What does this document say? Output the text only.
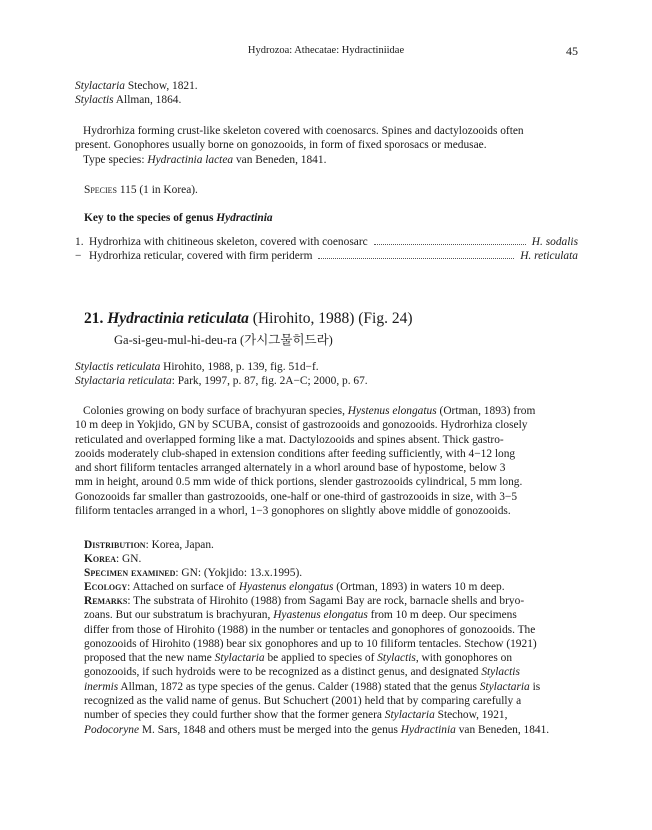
Hydrozoa: Athecatae: Hydractiniidae	45
Stylactaria Stechow, 1821.
Stylactis Allman, 1864.

Hydrorhiza forming crust-like skeleton covered with coenosarcs. Spines and dactylozooids often

present. Gonophores usually borne on gonozooids, in form of fixed sporosacs or medusae.

Type species: Hydractinia lactea van Beneden, 1841.

Species 115 (1 in Korea).
Key to the species of genus Hydractinia
1. Hydrorhiza with chitineous skeleton, covered with coenosarc	H. sodalis
− Hydrorhiza reticular, covered with firm periderm	H. reticulata
21. Hydractinia reticulata (Hirohito, 1988) (Fig. 24)
Ga-si-geu-mul-hi-deu-ra (가시그물히드라)
Stylactis reticulata Hirohito, 1988, p. 139, fig. 51d−f.
Stylactaria reticulata: Park, 1997, p. 87, fig. 2A−C; 2000, p. 67.

Colonies growing on body surface of brachyuran species, Hystenus elongatus (Ortman, 1893) from

10 m deep in Yokjido, GN by SCUBA, consist of gastrozooids and gonozooids. Hydrorhiza closely

reticulated and overlapped forming like a mat. Dactylozooids and spines absent. Thick gastro-

zooids moderately club-shaped in extension conditions after feeding sufficiently, with 4−12 long

and short filiform tentacles arranged alternately in a whorl around base of hypostome, below 3

mm in height, around 0.5 mm wide of thick portions, slender gastrozooids cylindrical, 5 mm long.

Gonozooids far smaller than gastrozooids, one-half or one-third of gastrozooids in size, with 3−5

filiform tentacles arranged in a whorl, 1−3 gonophores on slightly above middle of gonozooids.

Distribution: Korea, Japan.
Korea: GN.
Specimen examined: GN: (Yokjido: 13.x.1995).
Ecology: Attached on surface of Hyastenus elongatus (Ortman, 1893) in waters 10 m deep.

Remarks: The substrata of Hirohito (1988) from Sagami Bay are rock, barnacle shells and bryo-

zoans. But our substratum is brachyuran, Hyastenus elongatus from 10 m deep. Our specimens

differ from those of Hirohito (1988) in the number or tentacles and gonophores of gonozooids. The

gonozooids of Hirohito (1988) bear six gonophores and up to 10 filiform tentacles. Stechow (1921)

proposed that the new name Stylactaria be applied to species of Stylactis, with gonophores on

gonozooids, if such hydroids were to be recognized as a distinct genus, and designated Stylactis

inermis Allman, 1872 as type species of the genus. Calder (1988) stated that the genus Stylactaria is

recognized as the valid name of genus. But Schuchert (2001) held that by comparing carefully a

number of species they could further show that the former genera Stylactaria Stechow, 1921,

Podocoryne M. Sars, 1848 and others must be merged into the genus Hydractinia van Beneden, 1841.
